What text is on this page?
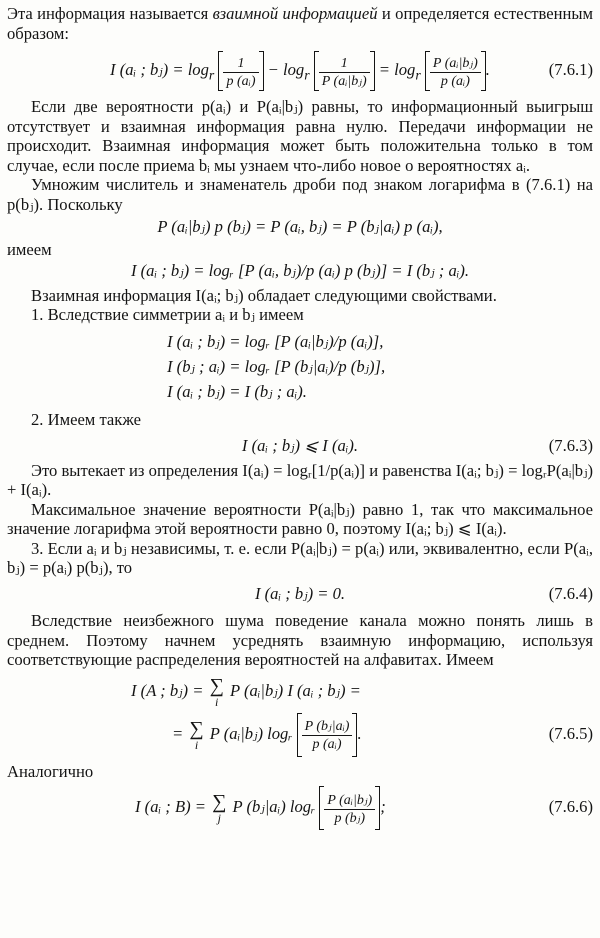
Эта информация называется взаимной информацией и определяется естественным образом:

I (aᵢ ; bⱼ) = $\log_r \frac{1}{\text{p (aᵢ)}} - \log_r \frac{1}{\text{P (aᵢ|bⱼ)}} = \log_r \frac{\text{P (aᵢ|bⱼ)}}{\text{p (aᵢ)}}$ .	(7.6.1)

Если две вероятности p(aᵢ) и P(aᵢ|bⱼ) равны, то информационный выигрыш отсутствует и взаимная информация равна нулю. Передачи информации не происходит. Взаимная информация может быть положительна только в том случае, если после приема bᵢ мы узнаем что-либо новое о вероятностях aᵢ.

Умножим числитель и знаменатель дроби под знаком логарифма в (7.6.1) на p(bⱼ). Поскольку

P (aᵢ|bⱼ) p (bⱼ) = P (aᵢ, bⱼ) = P (bⱼ|aᵢ) p (aᵢ),

имеем

I (aᵢ ; bⱼ) = logᵣ [P (aᵢ, bⱼ)/p (aᵢ) p (bⱼ)] = I (bⱼ ; aᵢ).

Взаимная информация I(aᵢ; bⱼ) обладает следующими свойствами.

1. Вследствие симметрии aᵢ и bⱼ имеем

I (aᵢ ; bⱼ) = logᵣ [P (aᵢ|bⱼ)/p (aᵢ)],
I (bⱼ ; aᵢ) = logᵣ [P (bⱼ|aᵢ)/p (bⱼ)],
I (aᵢ ; bⱼ) = I (bⱼ ; aᵢ).

2. Имеем также

I (aᵢ ; bⱼ) ⩽ I (aᵢ).	(7.6.3)

Это вытекает из определения I(aᵢ) = logᵣ[1/p(aᵢ)] и равенства I(aᵢ; bⱼ) = logᵣP(aᵢ|bⱼ) + I(aᵢ).

Максимальное значение вероятности P(aᵢ|bⱼ) равно 1, так что максимальное значение логарифма этой вероятности равно 0, поэтому I(aᵢ; bⱼ) ⩽ I(aᵢ).

3. Если aᵢ и bⱼ независимы, т. е. если P(aᵢ|bⱼ) = p(aᵢ) или, эквивалентно, если P(aᵢ, bⱼ) = p(aᵢ) p(bⱼ), то

I (aᵢ ; bⱼ) = 0.	(7.6.4)

Вследствие неизбежного шума поведение канала можно понять лишь в среднем. Поэтому начнем усреднять взаимную информацию, используя соответствующие распределения вероятностей на алфавитах. Имеем

I (A ; bⱼ) = ∑
i
P (aᵢ|bⱼ) I (aᵢ ; bⱼ) =
= ∑
i
P (aᵢ|bⱼ) logᵣ $\frac{\text{P (bⱼ|aᵢ)}}{\text{p (aᵢ)}}$ .	(7.6.5)

Аналогично

I (aᵢ ; B) = ∑
j
P (bⱼ|aᵢ) logᵣ $\frac{\text{P (aᵢ|bⱼ)}}{\text{p (bⱼ)}}$ ;	(7.6.6)
